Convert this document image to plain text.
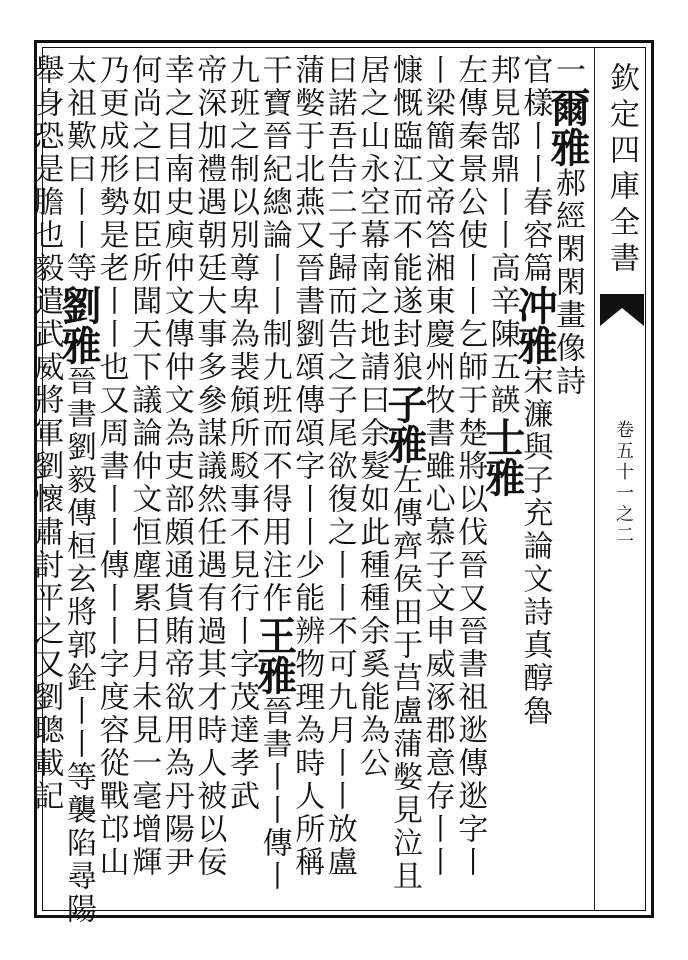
欽定四庫全書
卷五十一之二
一爾雅郝經閑閑畫像詩
官樣丨丨春容篇冲雅宋濂與子充論文詩真醇魯
邦見郜鼎丨丨高辛陳五韺士雅
左傳秦景公使丨丨乞師于楚將以伐晉又晉書祖逖傳逖字丨
丨梁簡文帝答湘東慶州牧書雖心慕子文申威涿郡意存丨丨
慷慨臨江而不能遂封狼子雅左傳齊侯田于莒盧蒲嫳見泣且
居之山永空幕南之地請曰余髮如此種種余奚能為公
曰諾吾告二子歸而告之子尾欲復之丨丨不可九月丨丨放盧
蒲嫳于北燕又晉書劉頌傳頌字丨丨少能辨物理為時人所稱
干寶晉紀總論丨丨制九班而不得用注作王雅晉書丨丨傳丨
九班之制以別尊卑為裴頠所駁事不見行丨字茂達孝武
帝深加禮遇朝廷大事多參謀議然任遇有過其才時人被以佞
幸之目南史庾仲文傳仲文為吏部頗通貨賄帝欲用為丹陽尹
何尚之曰如臣所聞天下議論仲文恒塵累日月未見一毫增輝
乃更成形勢是老丨丨也又周書丨丨傳丨丨字度容從戰邙山
太祖歎曰丨丨等劉雅晉書劉毅傳桓玄將郭銓丨丨等襲陷尋陽
舉身恐是膽也毅遣武威將軍劉懷肅討平之又劉聰載記
